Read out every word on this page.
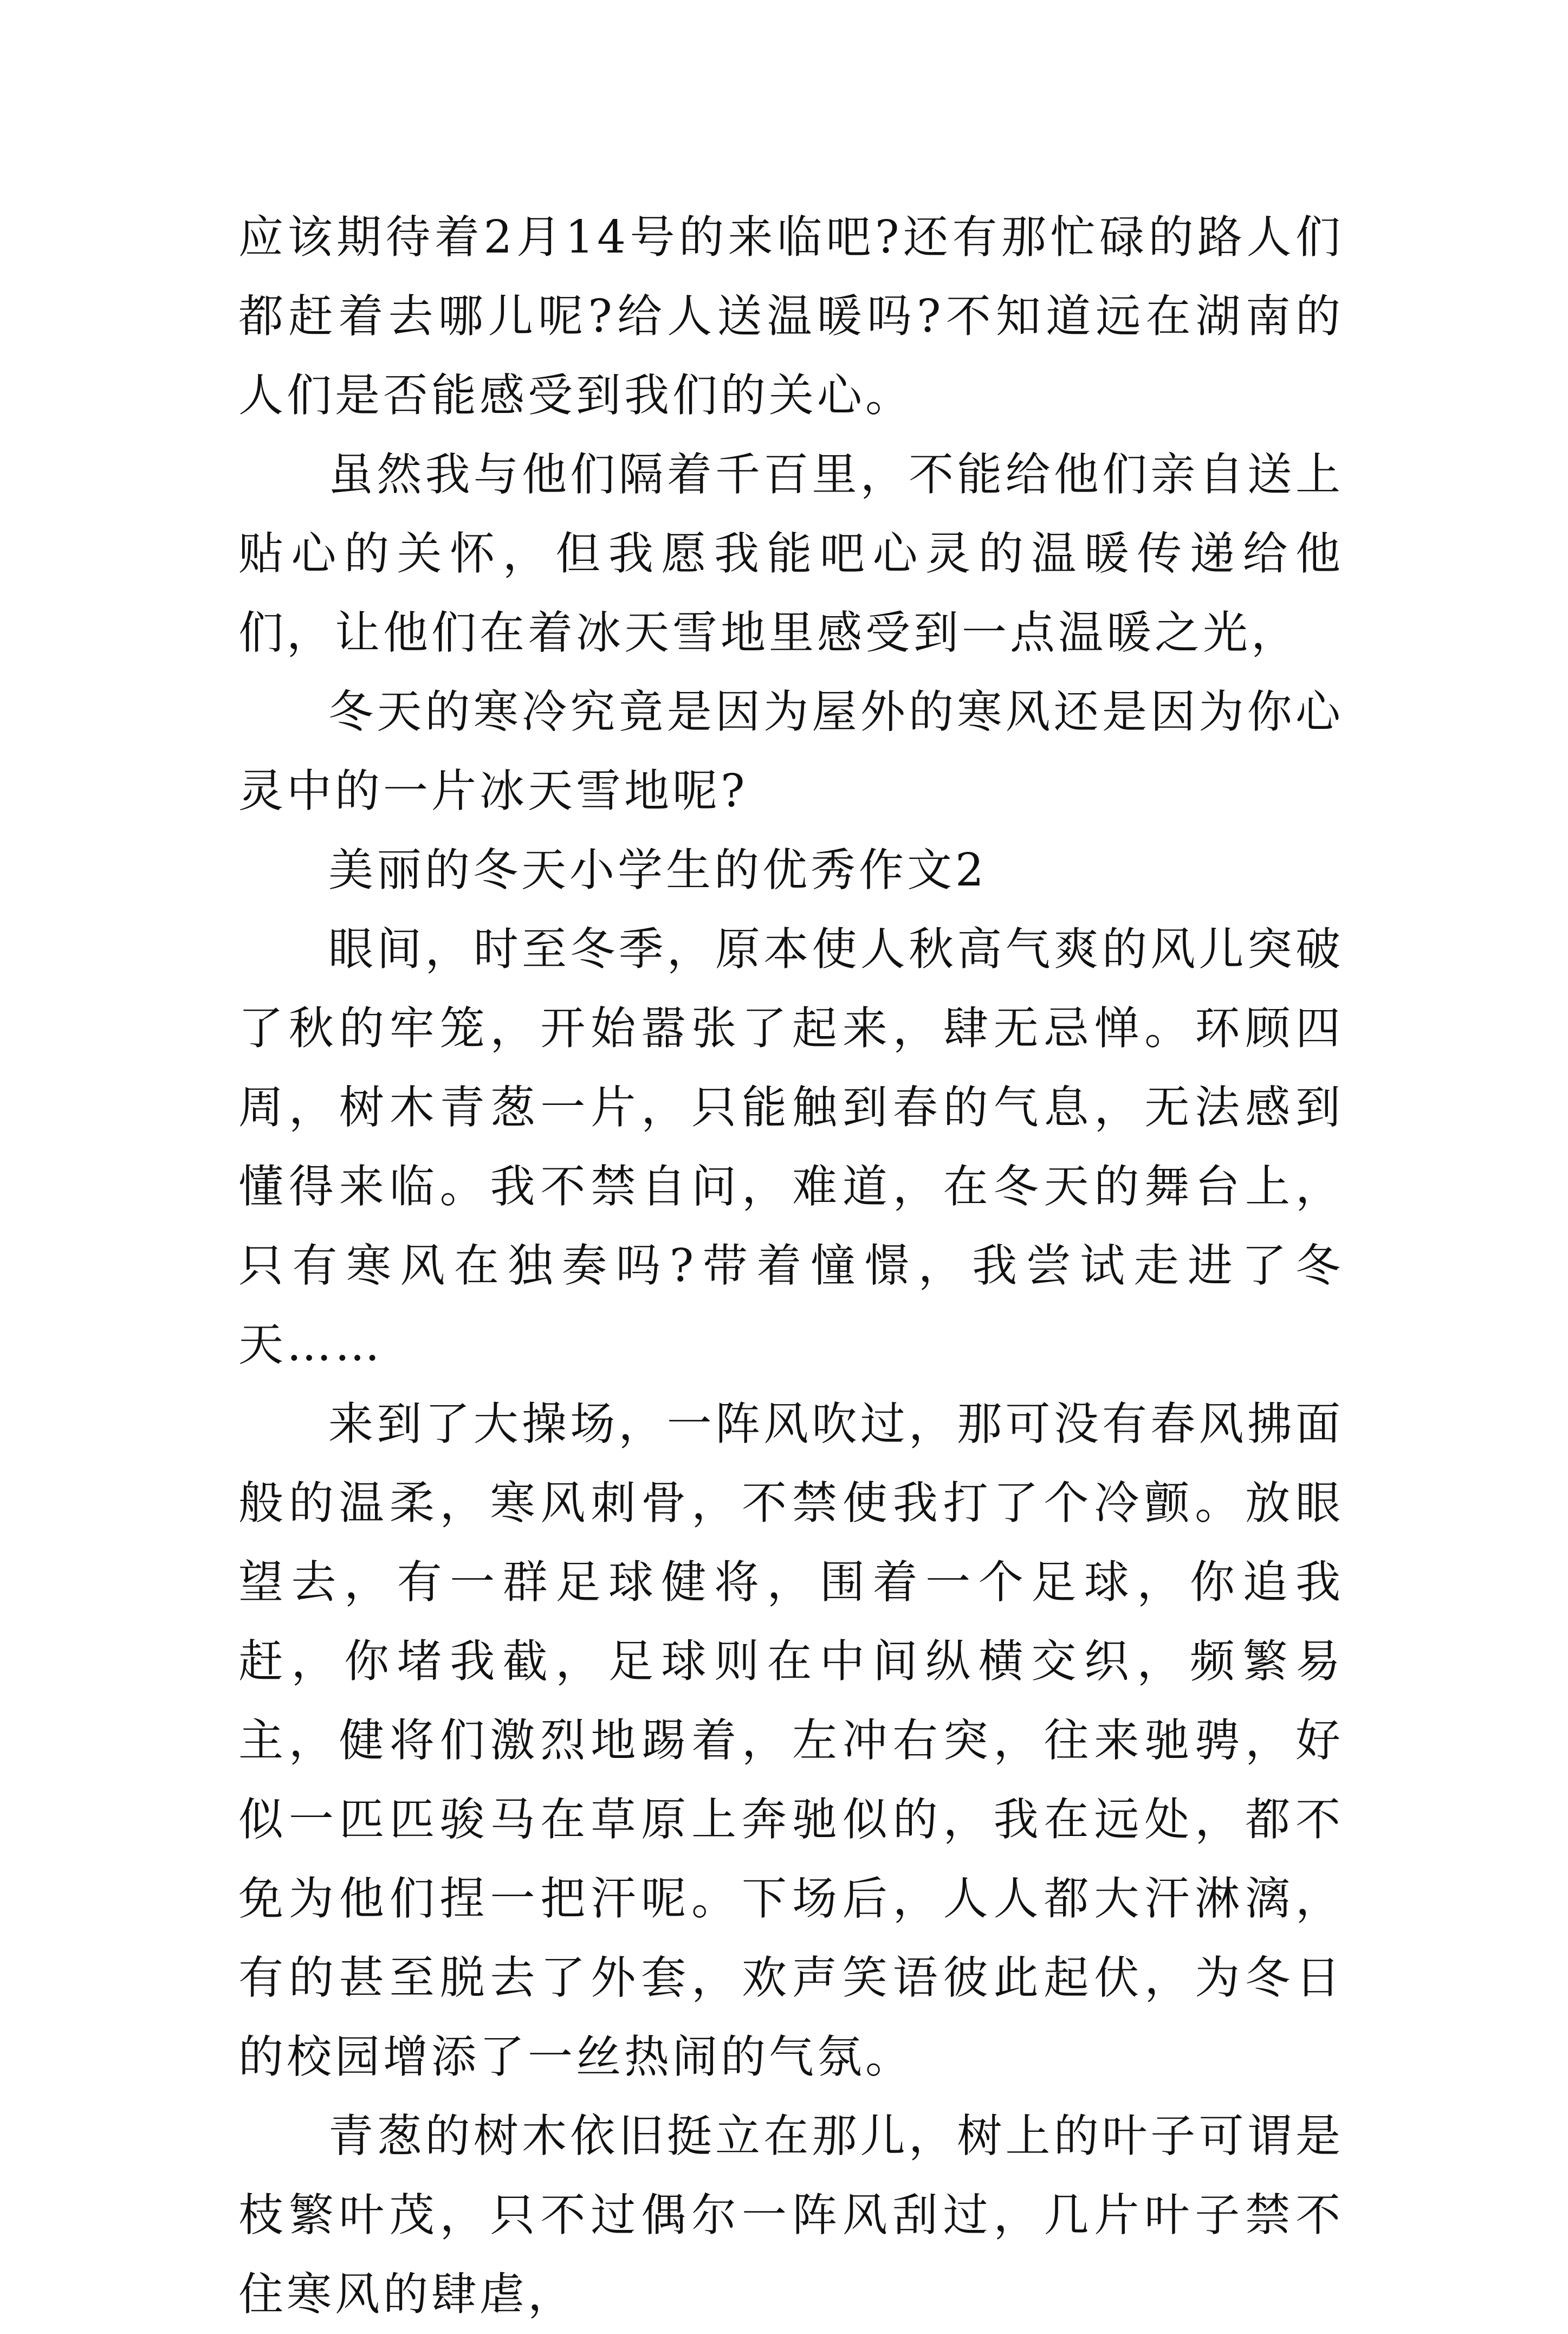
应该期待着2月14号的来临吧?还有那忙碌的路人们都赶着去哪儿呢?给人送温暖吗?不知道远在湖南的人们是否能感受到我们的关心。

虽然我与他们隔着千百里，不能给他们亲自送上贴心的关怀，但我愿我能吧心灵的温暖传递给他们，让他们在着冰天雪地里感受到一点温暖之光，

冬天的寒冷究竟是因为屋外的寒风还是因为你心灵中的一片冰天雪地呢?

美丽的冬天小学生的优秀作文2

眼间，时至冬季，原本使人秋高气爽的风儿突破了秋的牢笼，开始嚣张了起来，肆无忌惮。环顾四周，树木青葱一片，只能触到春的气息，无法感到懂得来临。我不禁自问，难道，在冬天的舞台上，只有寒风在独奏吗?带着憧憬，我尝试走进了冬天……

来到了大操场，一阵风吹过，那可没有春风拂面般的温柔，寒风刺骨，不禁使我打了个冷颤。放眼望去，有一群足球健将，围着一个足球，你追我赶，你堵我截，足球则在中间纵横交织，频繁易主，健将们激烈地踢着，左冲右突，往来驰骋，好似一匹匹骏马在草原上奔驰似的，我在远处，都不免为他们捏一把汗呢。下场后，人人都大汗淋漓，有的甚至脱去了外套，欢声笑语彼此起伏，为冬日的校园增添了一丝热闹的气氛。

青葱的树木依旧挺立在那儿，树上的叶子可谓是枝繁叶茂，只不过偶尔一阵风刮过，几片叶子禁不住寒风的肆虐，
